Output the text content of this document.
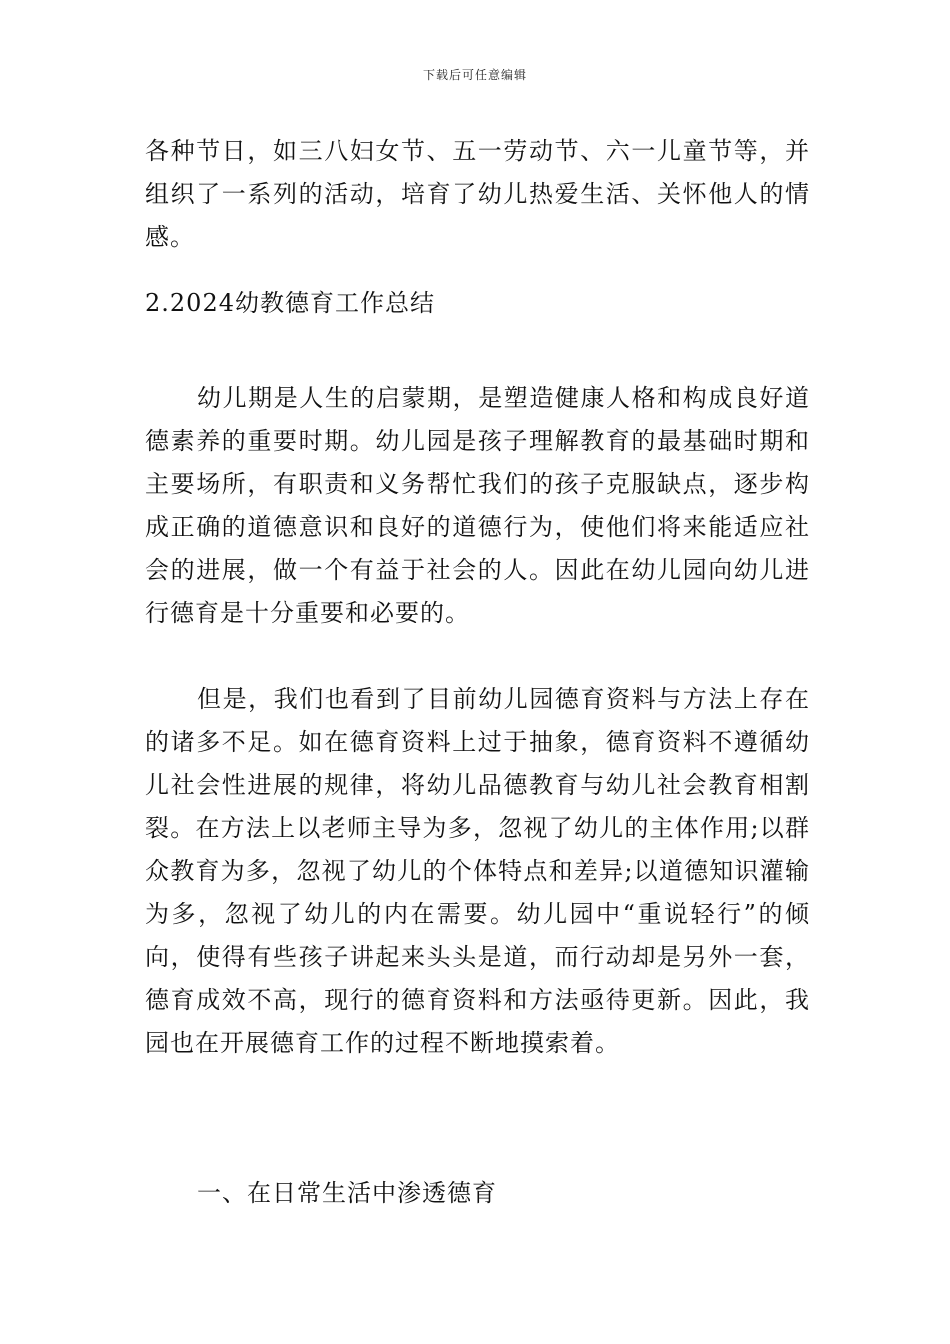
下载后可任意编辑

各种节日，如三八妇女节、五一劳动节、六一儿童节等，并组织了一系列的活动，培育了幼儿热爱生活、关怀他人的情感。

2.2024幼教德育工作总结

幼儿期是人生的启蒙期，是塑造健康人格和构成良好道德素养的重要时期。幼儿园是孩子理解教育的最基础时期和主要场所，有职责和义务帮忙我们的孩子克服缺点，逐步构成正确的道德意识和良好的道德行为，使他们将来能适应社会的进展，做一个有益于社会的人。因此在幼儿园向幼儿进行德育是十分重要和必要的。

但是，我们也看到了目前幼儿园德育资料与方法上存在的诸多不足。如在德育资料上过于抽象，德育资料不遵循幼儿社会性进展的规律，将幼儿品德教育与幼儿社会教育相割裂。在方法上以老师主导为多，忽视了幼儿的主体作用;以群众教育为多，忽视了幼儿的个体特点和差异;以道德知识灌输为多，忽视了幼儿的内在需要。幼儿园中“重说轻行”的倾向，使得有些孩子讲起来头头是道，而行动却是另外一套，德育成效不高，现行的德育资料和方法亟待更新。因此，我园也在开展德育工作的过程不断地摸索着。

一、在日常生活中渗透德育
